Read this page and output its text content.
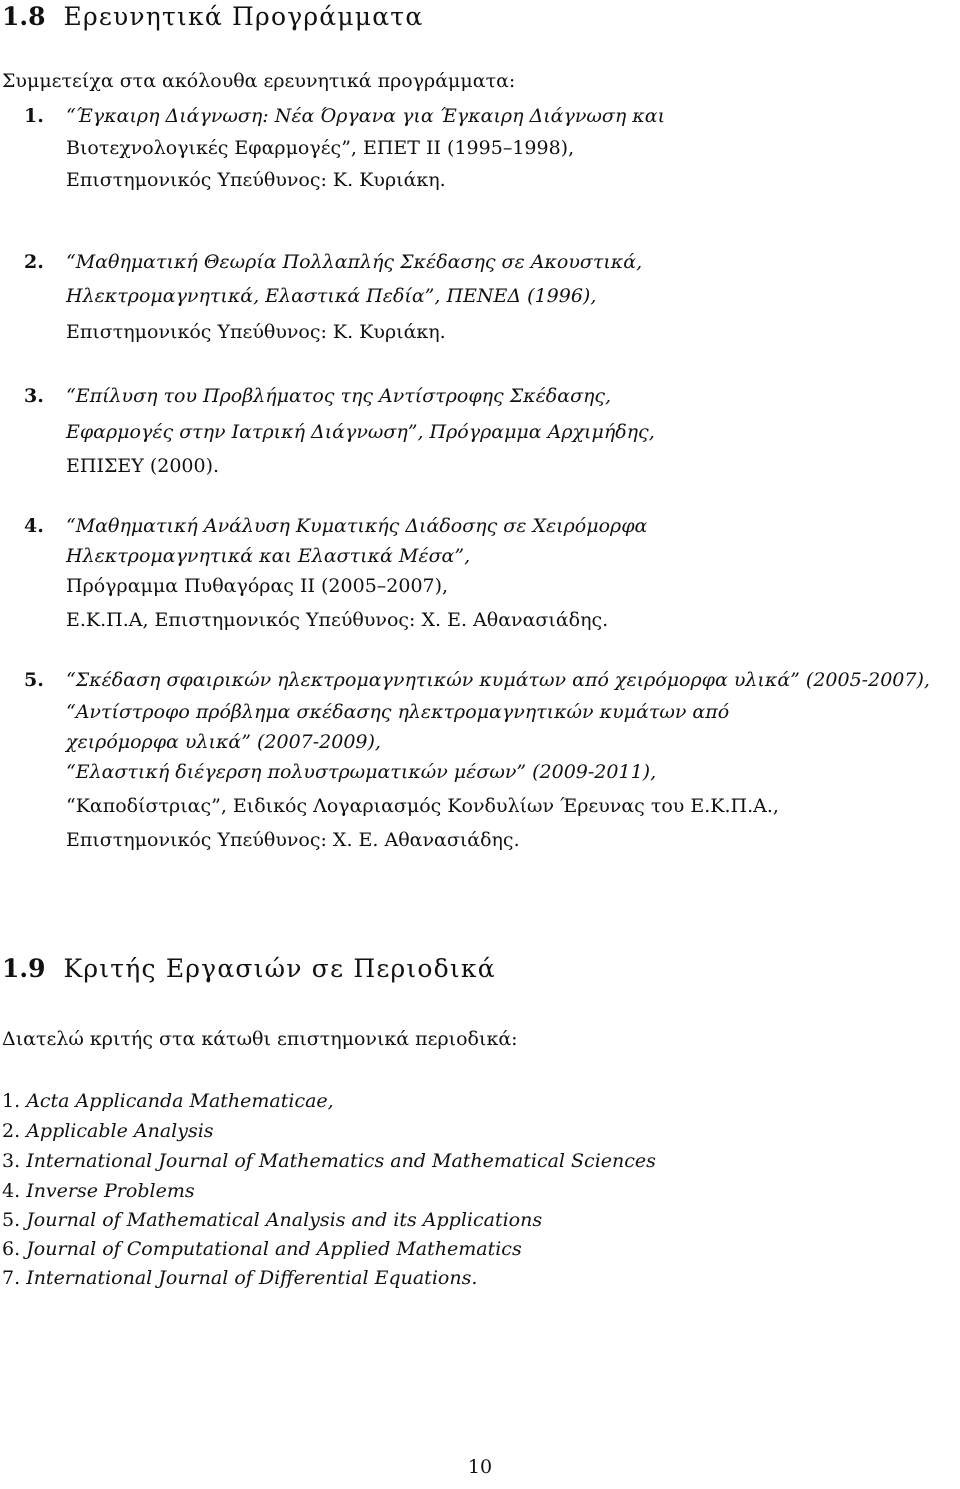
1.8 Ερευνητικά Προγράμματα
Συμμετείχα στα ακόλουθα ερευνητικά προγράμματα:
1. “Έγκαιρη Διάγνωση: Νέα Όργανα για Έγκαιρη Διάγνωση και
Βιοτεχνολογικές Εφαρμογές”, ΕΠΕΤ ΙΙ (1995–1998),
Επιστημονικός Υπεύθυνος: Κ. Κυριάκη.
2. “Μαθηματική Θεωρία Πολλαπλής Σκέδασης σε Ακουστικά,
Ηλεκτρομαγνητικά, Ελαστικά Πεδία”, ΠΕΝΕΔ (1996),
Επιστημονικός Υπεύθυνος: Κ. Κυριάκη.
3. “Επίλυση του Προβλήματος της Αντίστροφης Σκέδασης,
Εφαρμογές στην Ιατρική Διάγνωση”, Πρόγραμμα Αρχιμήδης,
ΕΠΙΣΕΥ (2000).
4. “Μαθηματική Ανάλυση Κυματικής Διάδοσης σε Χειρόμορφα
Ηλεκτρομαγνητικά και Ελαστικά Μέσα”,
Πρόγραμμα Πυθαγόρας ΙΙ (2005–2007),
Ε.Κ.Π.Α, Επιστημονικός Υπεύθυνος: Χ. Ε. Αθανασιάδης.
5. “Σκέδαση σφαιρικών ηλεκτρομαγνητικών κυμάτων από χειρόμορφα υλικά” (2005-2007),
“Αντίστροφο πρόβλημα σκέδασης ηλεκτρομαγνητικών κυμάτων από
χειρόμορφα υλικά” (2007-2009),
“Ελαστική διέγερση πολυστρωματικών μέσων” (2009-2011),
“Καποδίστριας”, Ειδικός Λογαριασμός Κονδυλίων Έρευνας του Ε.Κ.Π.Α.,
Επιστημονικός Υπεύθυνος: Χ. Ε. Αθανασιάδης.
1.9 Κριτής Εργασιών σε Περιοδικά
Διατελώ κριτής στα κάτωθι επιστημονικά περιοδικά:
1. Acta Applicanda Mathematicae,
2. Applicable Analysis
3. International Journal of Mathematics and Mathematical Sciences
4. Inverse Problems
5. Journal of Mathematical Analysis and its Applications
6. Journal of Computational and Applied Mathematics
7. International Journal of Differential Equations.
10
